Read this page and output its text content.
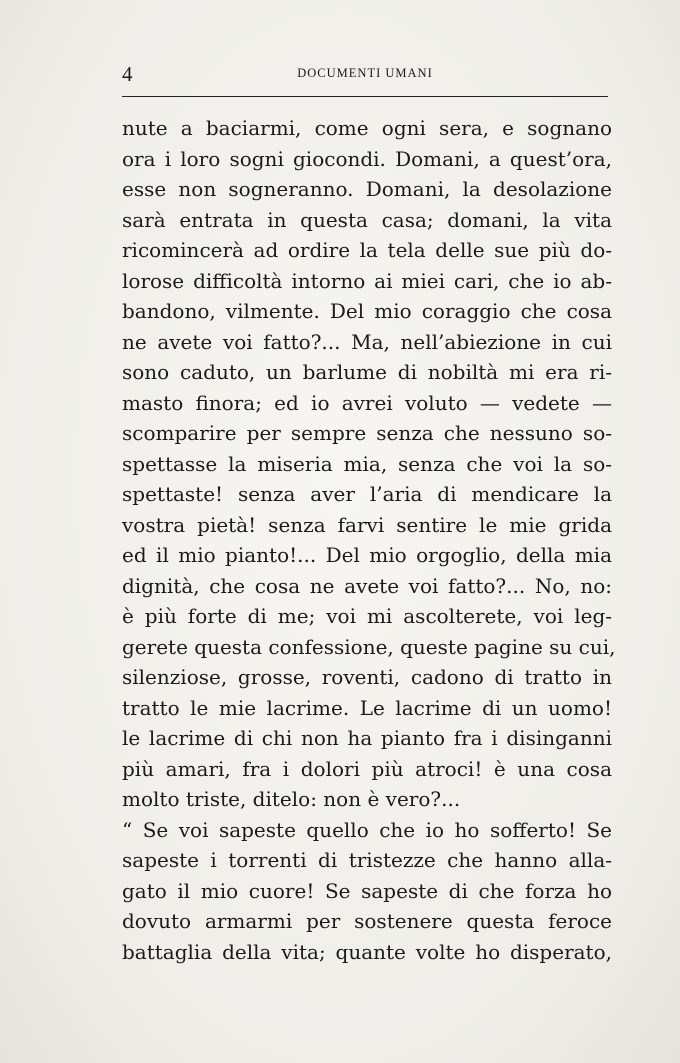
4	DOCUMENTI UMANI
nute a baciarmi, come ogni sera, e sognano
ora i loro sogni giocondi. Domani, a quest’ora,
esse non sogneranno. Domani, la desolazione
sarà entrata in questa casa; domani, la vita
ricomincerà ad ordire la tela delle sue più do-
lorose difficoltà intorno ai miei cari, che io ab-
bandono, vilmente. Del mio coraggio che cosa
ne avete voi fatto?... Ma, nell’abiezione in cui
sono caduto, un barlume di nobiltà mi era ri-
masto finora; ed io avrei voluto — vedete —
scomparire per sempre senza che nessuno so-
spettasse la miseria mia, senza che voi la so-
spettaste! senza aver l’aria di mendicare la
vostra pietà! senza farvi sentire le mie grida
ed il mio pianto!... Del mio orgoglio, della mia
dignità, che cosa ne avete voi fatto?... No, no:
è più forte di me; voi mi ascolterete, voi leg-
gerete questa confessione, queste pagine su cui,
silenziose, grosse, roventi, cadono di tratto in
tratto le mie lacrime. Le lacrime di un uomo!
le lacrime di chi non ha pianto fra i disinganni
più amari, fra i dolori più atroci! è una cosa
molto triste, ditelo: non è vero?...
“ Se voi sapeste quello che io ho sofferto! Se
sapeste i torrenti di tristezze che hanno alla-
gato il mio cuore! Se sapeste di che forza ho
dovuto armarmi per sostenere questa feroce
battaglia della vita; quante volte ho disperato,
